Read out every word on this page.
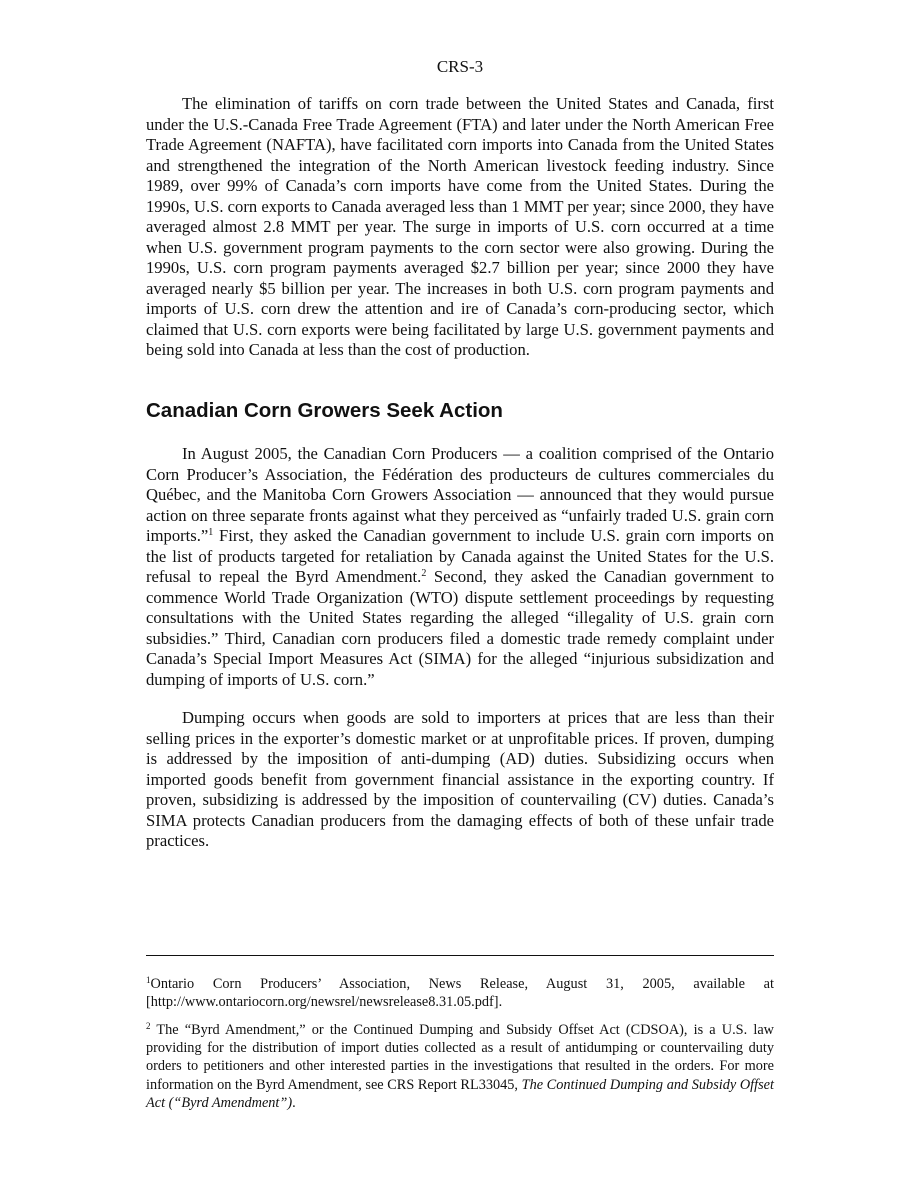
CRS-3

The elimination of tariffs on corn trade between the United States and Canada, first under the U.S.-Canada Free Trade Agreement (FTA) and later under the North American Free Trade Agreement (NAFTA), have facilitated corn imports into Canada from the United States and strengthened the integration of the North American livestock feeding industry. Since 1989, over 99% of Canada’s corn imports have come from the United States. During the 1990s, U.S. corn exports to Canada averaged less than 1 MMT per year; since 2000, they have averaged almost 2.8 MMT per year. The surge in imports of U.S. corn occurred at a time when U.S. government program payments to the corn sector were also growing. During the 1990s, U.S. corn program payments averaged $2.7 billion per year; since 2000 they have averaged nearly $5 billion per year. The increases in both U.S. corn program payments and imports of U.S. corn drew the attention and ire of Canada’s corn-producing sector, which claimed that U.S. corn exports were being facilitated by large U.S. government payments and being sold into Canada at less than the cost of production.

Canadian Corn Growers Seek Action

In August 2005, the Canadian Corn Producers — a coalition comprised of the Ontario Corn Producer’s Association, the Fédération des producteurs de cultures commerciales du Québec, and the Manitoba Corn Growers Association — announced that they would pursue action on three separate fronts against what they perceived as “unfairly traded U.S. grain corn imports.”$^1$ First, they asked the Canadian government to include U.S. grain corn imports on the list of products targeted for retaliation by Canada against the United States for the U.S. refusal to repeal the Byrd Amendment.$^2$ Second, they asked the Canadian government to commence World Trade Organization (WTO) dispute settlement proceedings by requesting consultations with the United States regarding the alleged “illegality of U.S. grain corn subsidies.” Third, Canadian corn producers filed a domestic trade remedy complaint under Canada’s Special Import Measures Act (SIMA) for the alleged “injurious subsidization and dumping of imports of U.S. corn.”

Dumping occurs when goods are sold to importers at prices that are less than their selling prices in the exporter’s domestic market or at unprofitable prices. If proven, dumping is addressed by the imposition of anti-dumping (AD) duties. Subsidizing occurs when imported goods benefit from government financial assistance in the exporting country. If proven, subsidizing is addressed by the imposition of countervailing (CV) duties. Canada’s SIMA protects Canadian producers from the damaging effects of both of these unfair trade practices.

$^1$Ontario Corn Producers’ Association, News Release, August 31, 2005, available at [http://www.ontariocorn.org/newsrel/newsrelease8.31.05.pdf].

$^2$ The “Byrd Amendment,” or the Continued Dumping and Subsidy Offset Act (CDSOA), is a U.S. law providing for the distribution of import duties collected as a result of antidumping or countervailing duty orders to petitioners and other interested parties in the investigations that resulted in the orders. For more information on the Byrd Amendment, see CRS Report RL33045, The Continued Dumping and Subsidy Offset Act (“Byrd Amendment”).
